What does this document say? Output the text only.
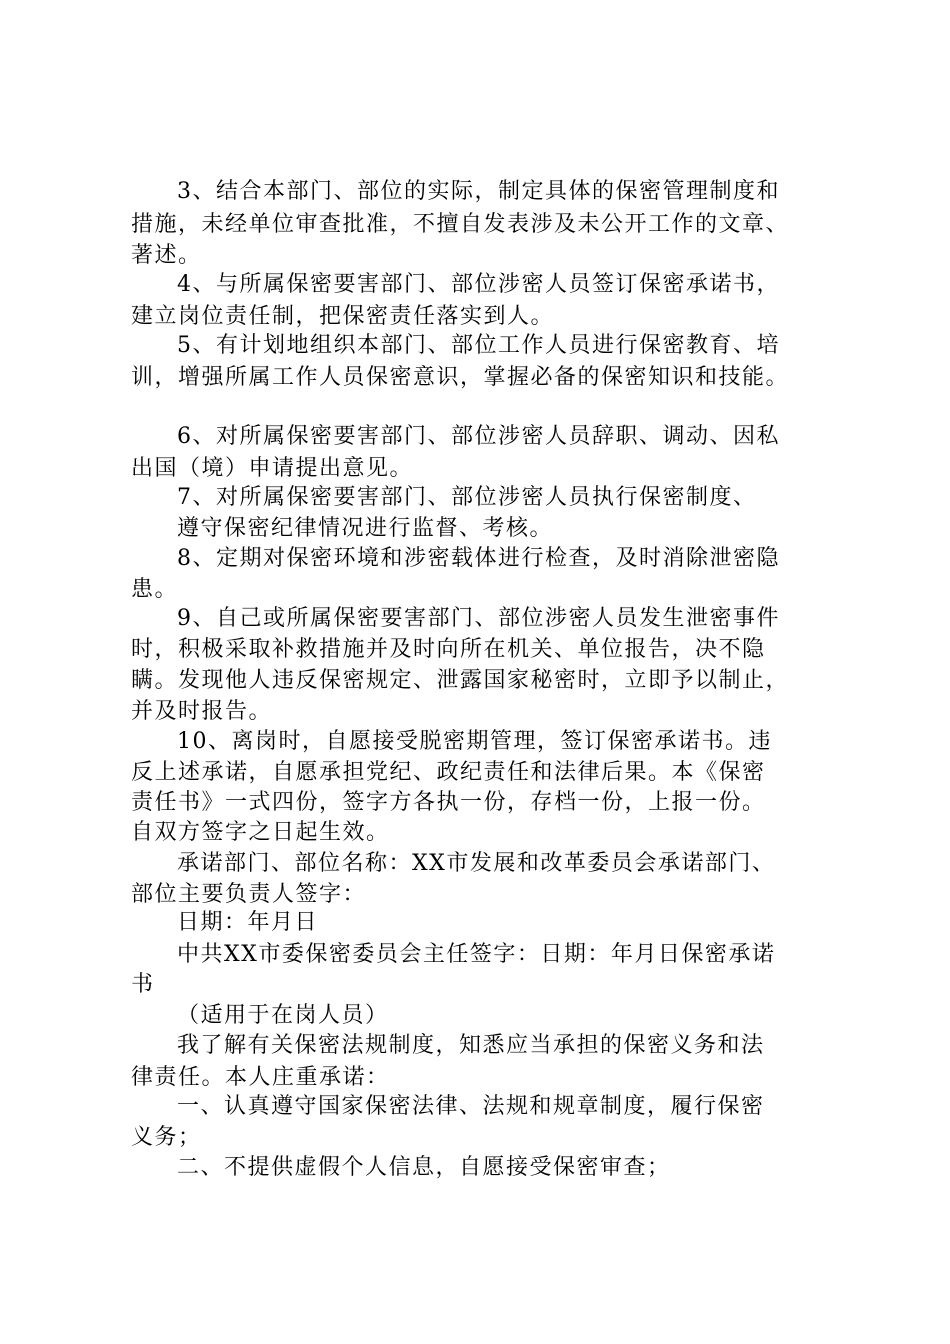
3、结合本部门、部位的实际，制定具体的保密管理制度和

措施，未经单位审查批准，不擅自发表涉及未公开工作的文章、

著述。

4、与所属保密要害部门、部位涉密人员签订保密承诺书，

建立岗位责任制，把保密责任落实到人。

5、有计划地组织本部门、部位工作人员进行保密教育、培

训，增强所属工作人员保密意识，掌握必备的保密知识和技能。

6、对所属保密要害部门、部位涉密人员辞职、调动、因私

出国（境）申请提出意见。

7、对所属保密要害部门、部位涉密人员执行保密制度、

遵守保密纪律情况进行监督、考核。

8、定期对保密环境和涉密载体进行检查，及时消除泄密隐

患。

9、自己或所属保密要害部门、部位涉密人员发生泄密事件

时，积极采取补救措施并及时向所在机关、单位报告，决不隐

瞒。发现他人违反保密规定、泄露国家秘密时，立即予以制止，

并及时报告。

10、离岗时，自愿接受脱密期管理，签订保密承诺书。违

反上述承诺，自愿承担党纪、政纪责任和法律后果。本《保密

责任书》一式四份，签字方各执一份，存档一份，上报一份。

自双方签字之日起生效。

承诺部门、部位名称：XX市发展和改革委员会承诺部门、

部位主要负责人签字：

日期：年月日

中共XX市委保密委员会主任签字：日期：年月日保密承诺

书

（适用于在岗人员）

我了解有关保密法规制度，知悉应当承担的保密义务和法

律责任。本人庄重承诺：

一、认真遵守国家保密法律、法规和规章制度，履行保密

义务；

二、不提供虚假个人信息，自愿接受保密审查；
